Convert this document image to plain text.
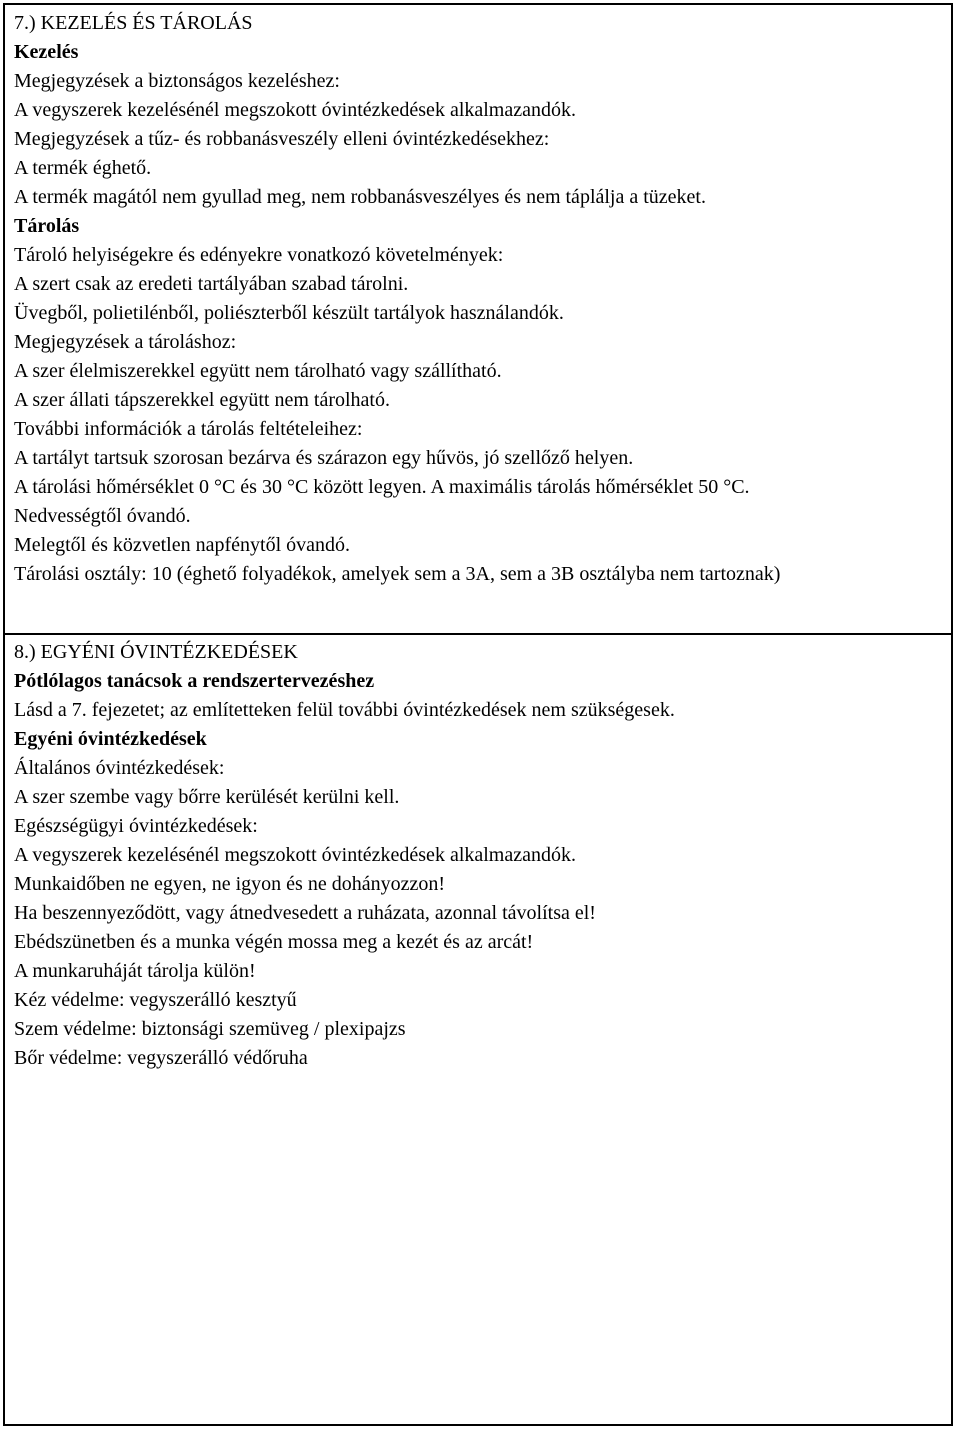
7.) KEZELÉS ÉS TÁROLÁS
Kezelés
Megjegyzések a biztonságos kezeléshez:
A vegyszerek kezelésénél megszokott óvintézkedések alkalmazandók.
Megjegyzések a tűz- és robbanásveszély elleni óvintézkedésekhez:
A termék éghető.
A termék magától nem gyullad meg, nem robbanásveszélyes és nem táplálja a tüzeket.
Tárolás
Tároló helyiségekre és edényekre vonatkozó követelmények:
A szert csak az eredeti tartályában szabad tárolni.
Üvegből, polietilénből, poliészterből készült tartályok használandók.
Megjegyzések a tároláshoz:
A szer élelmiszerekkel együtt nem tárolható vagy szállítható.
A szer állati tápszerekkel együtt nem tárolható.
További információk a tárolás feltételeihez:
A tartályt tartsuk szorosan bezárva és szárazon egy hűvös, jó szellőző helyen.
A tárolási hőmérséklet 0 °C és 30 °C között legyen. A maximális tárolás hőmérséklet 50 °C.
Nedvességtől óvandó.
Melegtől és közvetlen napfénytől óvandó.
Tárolási osztály: 10 (éghető folyadékok, amelyek sem a 3A, sem a 3B osztályba nem tartoznak)
8.) EGYÉNI ÓVINTÉZKEDÉSEK
Pótlólagos tanácsok a rendszertervezéshez
Lásd a 7. fejezetet; az említetteken felül további óvintézkedések nem szükségesek.
Egyéni óvintézkedések
Általános óvintézkedések:
A szer szembe vagy bőrre kerülését kerülni kell.
Egészségügyi óvintézkedések:
A vegyszerek kezelésénél megszokott óvintézkedések alkalmazandók.
Munkaidőben ne egyen, ne igyon és ne dohányozzon!
Ha beszennyeződött, vagy átnedvesedett a ruházata, azonnal távolítsa el!
Ebédszünetben és a munka végén mossa meg a kezét és az arcát!
A munkaruháját tárolja külön!
Kéz védelme: vegyszerálló kesztyű
Szem védelme: biztonsági szemüveg / plexipajzs
Bőr védelme: vegyszerálló védőruha
